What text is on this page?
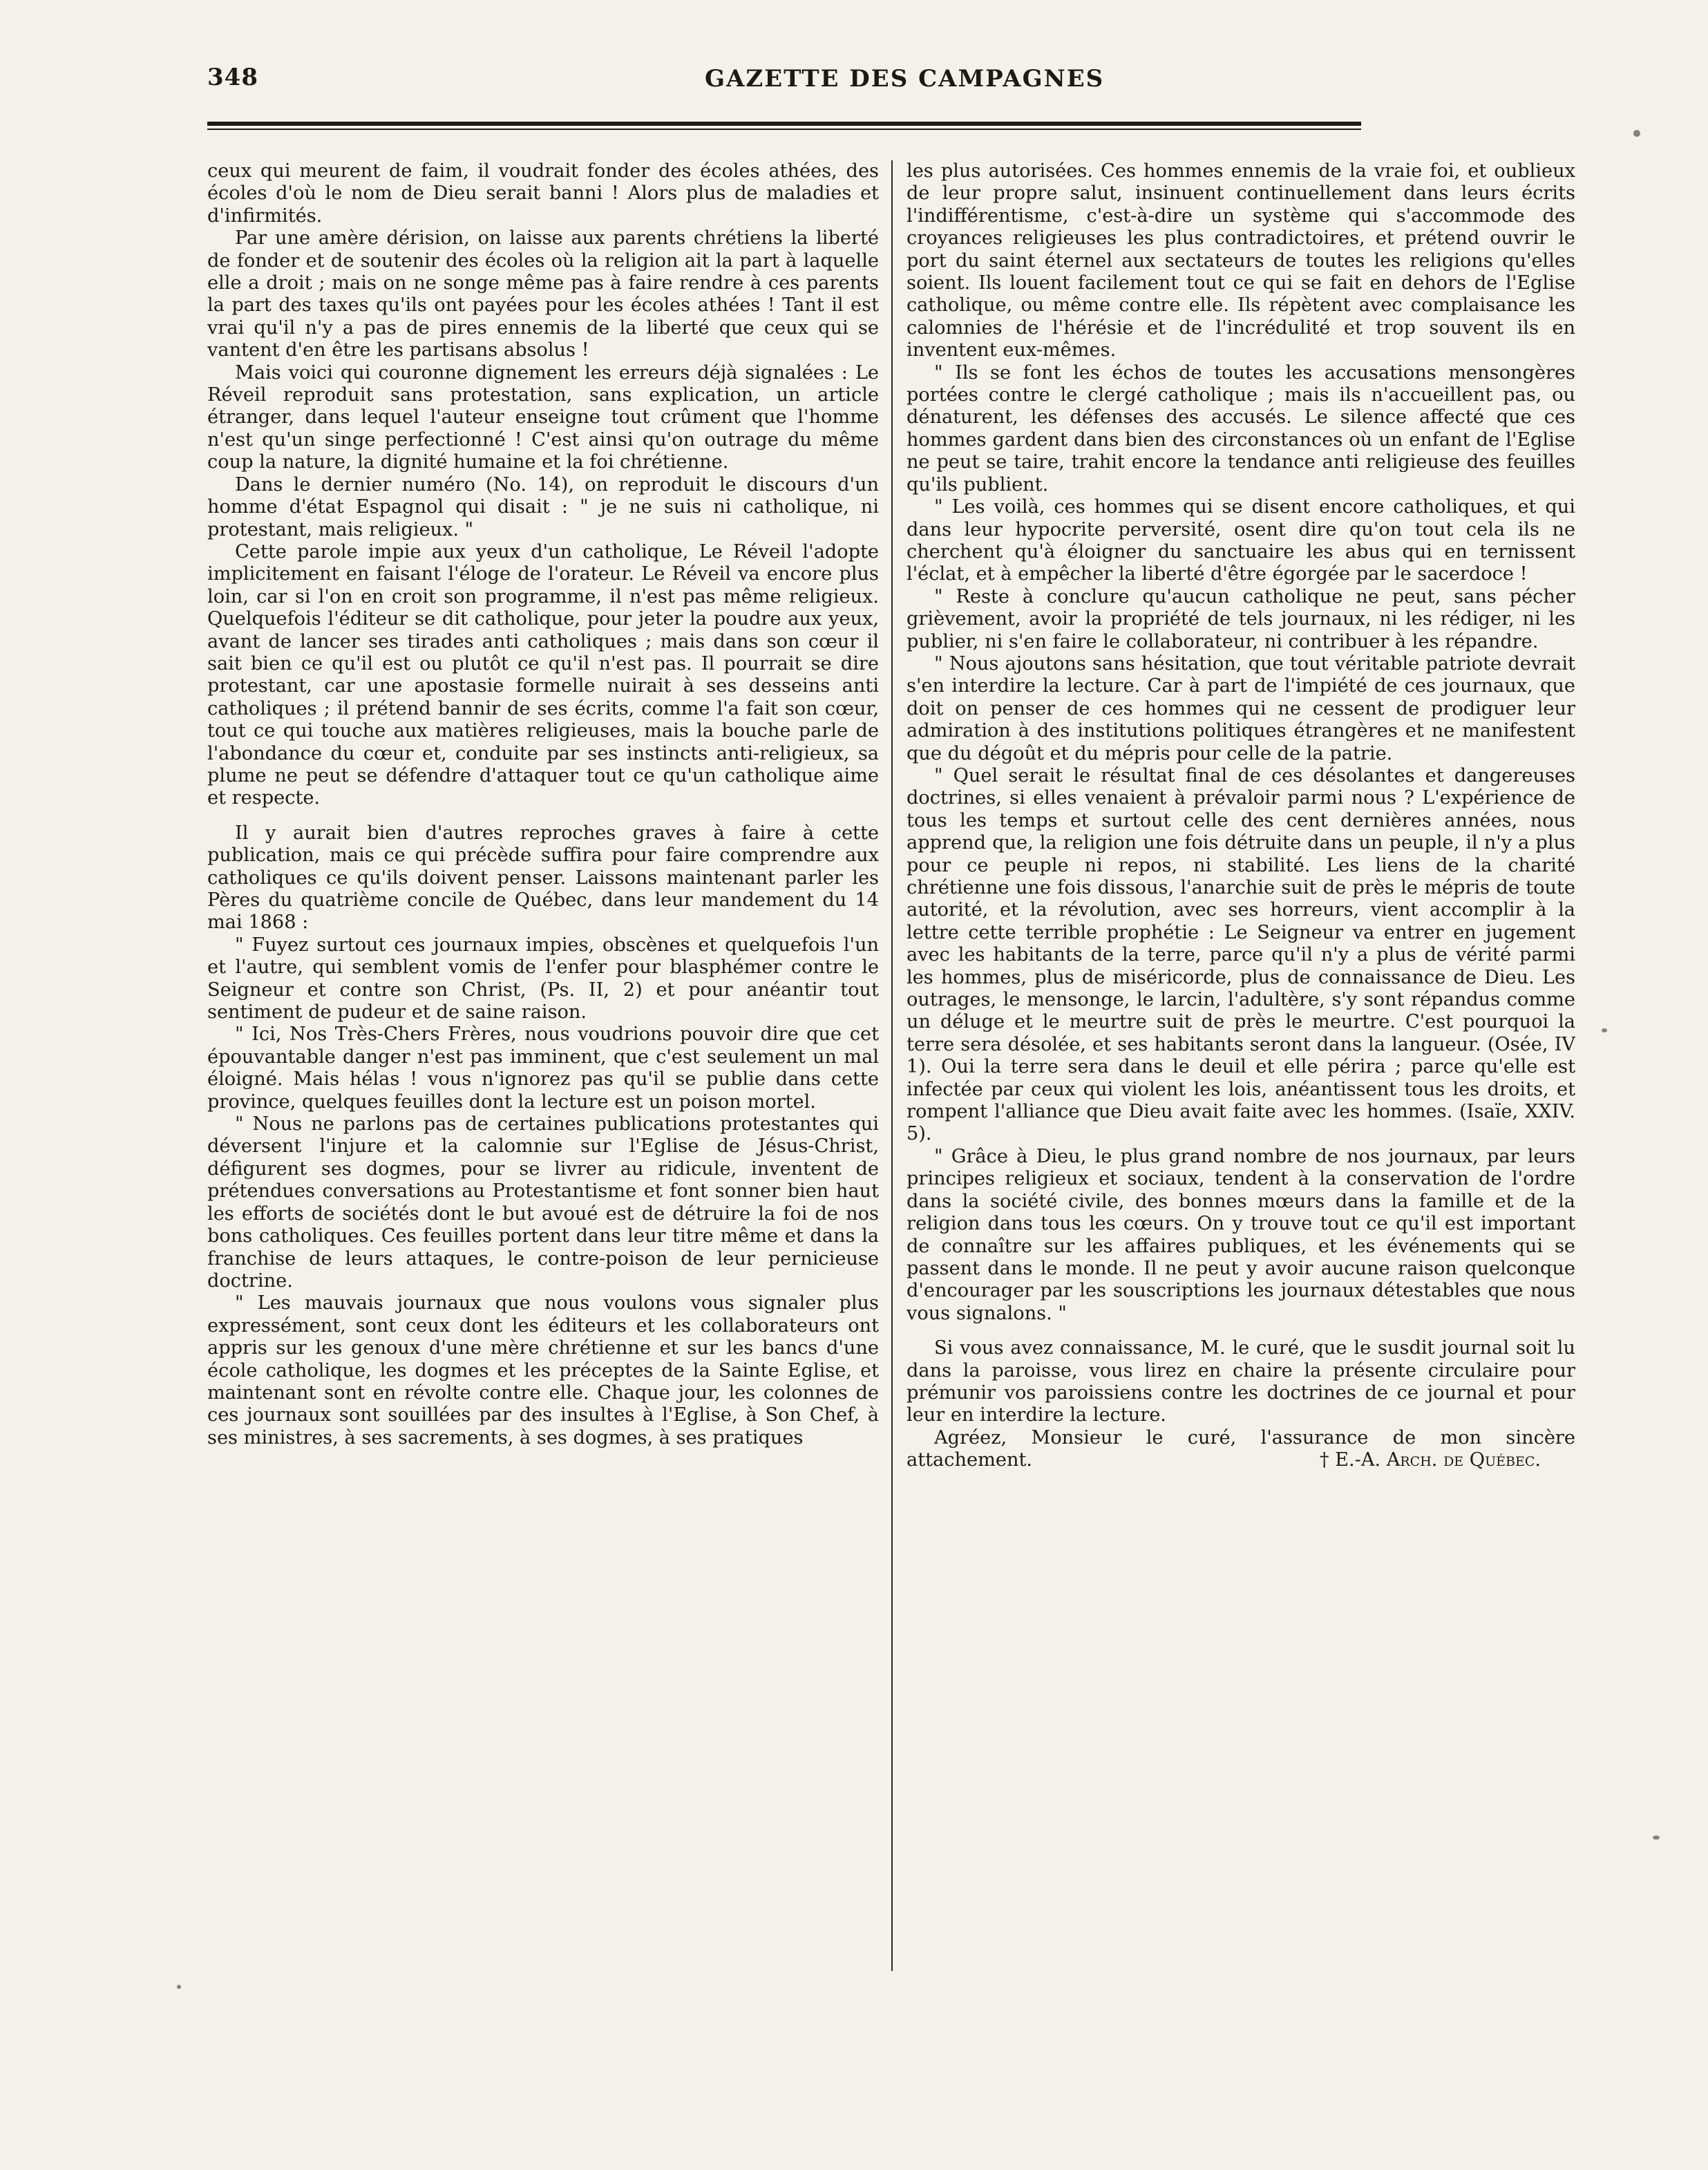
348	GAZETTE DES CAMPAGNES

ceux qui meurent de faim, il voudrait fonder des écoles athées, des écoles d'où le nom de Dieu serait banni ! Alors plus de maladies et d'infirmités.

Par une amère dérision, on laisse aux parents chrétiens la liberté de fonder et de soutenir des écoles où la religion ait la part à laquelle elle a droit ; mais on ne songe même pas à faire rendre à ces parents la part des taxes qu'ils ont payées pour les écoles athées ! Tant il est vrai qu'il n'y a pas de pires ennemis de la liberté que ceux qui se vantent d'en être les partisans absolus !

Mais voici qui couronne dignement les erreurs déjà signalées : Le Réveil reproduit sans protestation, sans explication, un article étranger, dans lequel l'auteur enseigne tout crûment que l'homme n'est qu'un singe perfectionné ! C'est ainsi qu'on outrage du même coup la nature, la dignité humaine et la foi chrétienne.

Dans le dernier numéro (No. 14), on reproduit le discours d'un homme d'état Espagnol qui disait : " je ne suis ni catholique, ni protestant, mais religieux. "

Cette parole impie aux yeux d'un catholique, Le Réveil l'adopte implicitement en faisant l'éloge de l'orateur. Le Réveil va encore plus loin, car si l'on en croit son programme, il n'est pas même religieux. Quelquefois l'éditeur se dit catholique, pour jeter la poudre aux yeux, avant de lancer ses tirades anti catholiques ; mais dans son cœur il sait bien ce qu'il est ou plutôt ce qu'il n'est pas. Il pourrait se dire protestant, car une apostasie formelle nuirait à ses desseins anti catholiques ; il prétend bannir de ses écrits, comme l'a fait son cœur, tout ce qui touche aux matières religieuses, mais la bouche parle de l'abondance du cœur et, conduite par ses instincts anti-religieux, sa plume ne peut se défendre d'attaquer tout ce qu'un catholique aime et respecte.

Il y aurait bien d'autres reproches graves à faire à cette publication, mais ce qui précède suffira pour faire comprendre aux catholiques ce qu'ils doivent penser. Laissons maintenant parler les Pères du quatrième concile de Québec, dans leur mandement du 14 mai 1868 :

" Fuyez surtout ces journaux impies, obscènes et quelquefois l'un et l'autre, qui semblent vomis de l'enfer pour blasphémer contre le Seigneur et contre son Christ, (Ps. II, 2) et pour anéantir tout sentiment de pudeur et de saine raison.

" Ici, Nos Très-Chers Frères, nous voudrions pouvoir dire que cet épouvantable danger n'est pas imminent, que c'est seulement un mal éloigné. Mais hélas ! vous n'ignorez pas qu'il se publie dans cette province, quelques feuilles dont la lecture est un poison mortel.

" Nous ne parlons pas de certaines publications protestantes qui déversent l'injure et la calomnie sur l'Eglise de Jésus-Christ, défigurent ses dogmes, pour se livrer au ridicule, inventent de prétendues conversations au Protestantisme et font sonner bien haut les efforts de sociétés dont le but avoué est de détruire la foi de nos bons catholiques. Ces feuilles portent dans leur titre même et dans la franchise de leurs attaques, le contre-poison de leur pernicieuse doctrine.

" Les mauvais journaux que nous voulons vous signaler plus expressément, sont ceux dont les éditeurs et les collaborateurs ont appris sur les genoux d'une mère chrétienne et sur les bancs d'une école catholique, les dogmes et les préceptes de la Sainte Eglise, et maintenant sont en révolte contre elle. Chaque jour, les colonnes de ces journaux sont souillées par des insultes à l'Eglise, à Son Chef, à ses ministres, à ses sacrements, à ses dogmes, à ses pratiques

les plus autorisées. Ces hommes ennemis de la vraie foi, et oublieux de leur propre salut, insinuent continuellement dans leurs écrits l'indifférentisme, c'est-à-dire un système qui s'accommode des croyances religieuses les plus contradictoires, et prétend ouvrir le port du saint éternel aux sectateurs de toutes les religions qu'elles soient. Ils louent facilement tout ce qui se fait en dehors de l'Eglise catholique, ou même contre elle. Ils répètent avec complaisance les calomnies de l'hérésie et de l'incrédulité et trop souvent ils en inventent eux-mêmes.

" Ils se font les échos de toutes les accusations mensongères portées contre le clergé catholique ; mais ils n'accueillent pas, ou dénaturent, les défenses des accusés. Le silence affecté que ces hommes gardent dans bien des circonstances où un enfant de l'Eglise ne peut se taire, trahit encore la tendance anti religieuse des feuilles qu'ils publient.

" Les voilà, ces hommes qui se disent encore catholiques, et qui dans leur hypocrite perversité, osent dire qu'on tout cela ils ne cherchent qu'à éloigner du sanctuaire les abus qui en ternissent l'éclat, et à empêcher la liberté d'être égorgée par le sacerdoce !

" Reste à conclure qu'aucun catholique ne peut, sans pécher grièvement, avoir la propriété de tels journaux, ni les rédiger, ni les publier, ni s'en faire le collaborateur, ni contribuer à les répandre.

" Nous ajoutons sans hésitation, que tout véritable patriote devrait s'en interdire la lecture. Car à part de l'impiété de ces journaux, que doit on penser de ces hommes qui ne cessent de prodiguer leur admiration à des institutions politiques étrangères et ne manifestent que du dégoût et du mépris pour celle de la patrie.

" Quel serait le résultat final de ces désolantes et dangereuses doctrines, si elles venaient à prévaloir parmi nous ? L'expérience de tous les temps et surtout celle des cent dernières années, nous apprend que, la religion une fois détruite dans un peuple, il n'y a plus pour ce peuple ni repos, ni stabilité. Les liens de la charité chrétienne une fois dissous, l'anarchie suit de près le mépris de toute autorité, et la révolution, avec ses horreurs, vient accomplir à la lettre cette terrible prophétie : Le Seigneur va entrer en jugement avec les habitants de la terre, parce qu'il n'y a plus de vérité parmi les hommes, plus de miséricorde, plus de connaissance de Dieu. Les outrages, le mensonge, le larcin, l'adultère, s'y sont répandus comme un déluge et le meurtre suit de près le meurtre. C'est pourquoi la terre sera désolée, et ses habitants seront dans la langueur. (Osée, IV 1). Oui la terre sera dans le deuil et elle périra ; parce qu'elle est infectée par ceux qui violent les lois, anéantissent tous les droits, et rompent l'alliance que Dieu avait faite avec les hommes. (Isaïe, XXIV. 5).

" Grâce à Dieu, le plus grand nombre de nos journaux, par leurs principes religieux et sociaux, tendent à la conservation de l'ordre dans la société civile, des bonnes mœurs dans la famille et de la religion dans tous les cœurs. On y trouve tout ce qu'il est important de connaître sur les affaires publiques, et les événements qui se passent dans le monde. Il ne peut y avoir aucune raison quelconque d'encourager par les souscriptions les journaux détestables que nous vous signalons. "

Si vous avez connaissance, M. le curé, que le susdit journal soit lu dans la paroisse, vous lirez en chaire la présente circulaire pour prémunir vos paroissiens contre les doctrines de ce journal et pour leur en interdire la lecture.

Agréez, Monsieur le curé, l'assurance de mon sincère attachement.	† E.-A. Arch. de Québec.
